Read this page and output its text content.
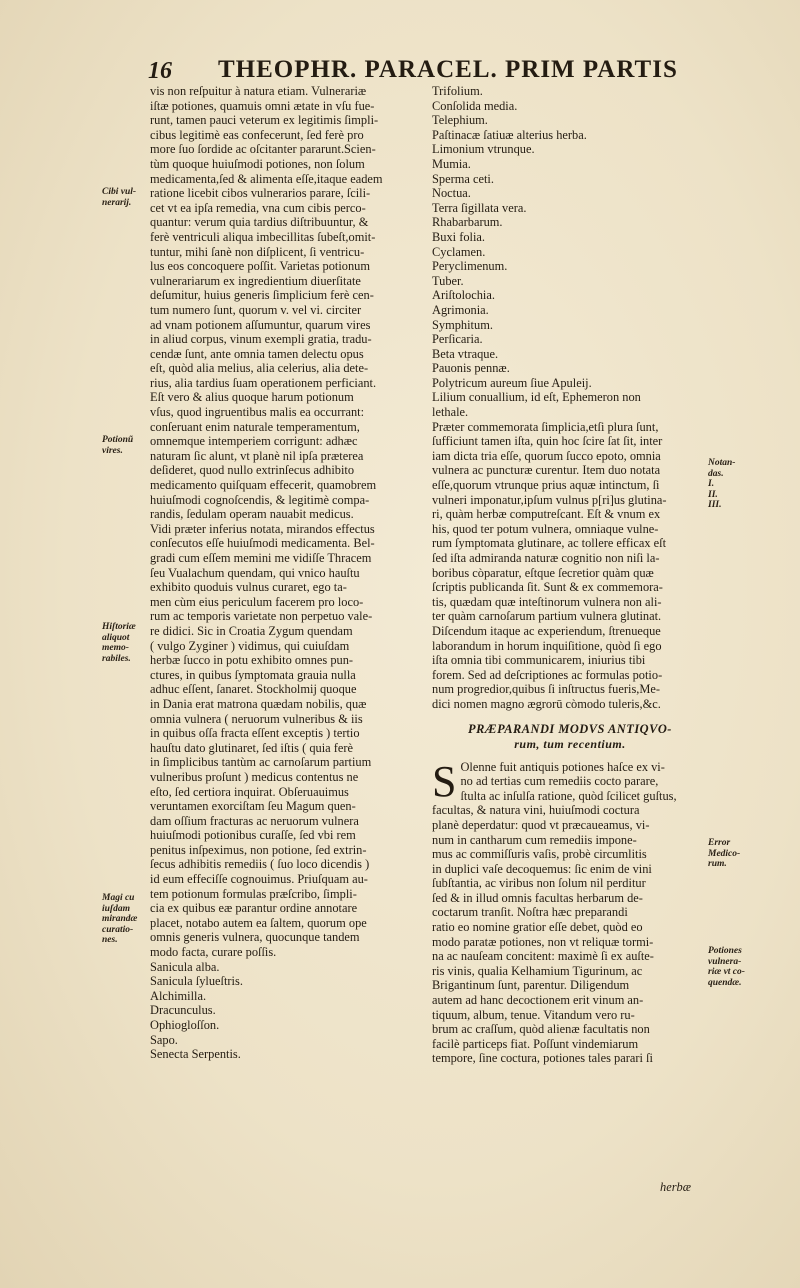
16 THEOPHR. PARACEL. PRIM PARTIS
vis non reſpuitur à natura etiam. Vulnerariæ
iſtæ potiones, quamuis omni ætate in vſu fue-
runt, tamen pauci veterum ex legitimis ſimpli-
cibus legitimè eas confecerunt, ſed ferè pro
more ſuo ſordide ac oſcitanter pararunt.Scien-
tùm quoque huiuſmodi potiones, non ſolum
medicamenta,ſed & alimenta eſſe,itaque eadem
ratione licebit cibos vulnerarios parare, ſcili-
cet vt ea ipſa remedia, vna cum cibis perco-
quantur: verum quia tardius diſtribuuntur, &
ferè ventriculi aliqua imbecillitas ſubeſt,omit-
tuntur, mihi ſanè non diſplicent, ſi ventricu-
lus eos concoquere poſſit. Varietas potionum
vulnerariarum ex ingredientium diuerſitate
deſumitur, huius generis ſimplicium ferè cen-
tum numero ſunt, quorum v. vel vi. circiter
ad vnam potionem aſſumuntur, quarum vires
in aliud corpus, vinum exempli gratia, tradu-
cendæ ſunt, ante omnia tamen delectu opus
eſt, quòd alia melius, alia celerius, alia dete-
rius, alia tardius ſuam operationem perficiant.
Eſt vero & alius quoque harum potionum
vſus, quod ingruentibus malis ea occurrant:
conſeruant enim naturale temperamentum,
omnemque intemperiem corrigunt: adhæc
naturam ſic alunt, vt planè nil ipſa præterea
deſideret, quod nullo extrinſecus adhibito
medicamento quiſquam effecerit, quamobrem
huiuſmodi cognoſcendis, & legitimè compa-
randis, ſedulam operam nauabit medicus.
Vidi præter inferius notata, mirandos effectus
conſecutos eſſe huiuſmodi medicamenta. Bel-
gradi cum eſſem memini me vidiſſe Thracem
ſeu Vualachum quendam, qui vnico hauſtu
exhibito quoduis vulnus curaret, ego ta-
men cùm eius periculum facerem pro loco-
rum ac temporis varietate non perpetuo vale-
re didici. Sic in Croatia Zygum quendam
( vulgo Zyginer ) vidimus, qui cuiuſdam
herbæ ſucco in potu exhibito omnes pun-
ctures, in quibus ſymptomata grauia nulla
adhuc eſſent, ſanaret. Stockholmij quoque
in Dania erat matrona quædam nobilis, quæ
omnia vulnera ( neruorum vulneribus & iis
in quibus oſſa fracta eſſent exceptis ) tertio
hauſtu dato glutinaret, ſed iſtis ( quia ferè
in ſimplicibus tantùm ac carnoſarum partium
vulneribus proſunt ) medicus contentus ne
eſto, ſed certiora inquirat. Obſeruauimus
veruntamen exorciſtam ſeu Magum quen-
dam oſſium fracturas ac neruorum vulnera
huiuſmodi potionibus curaſſe, ſed vbi rem
penitus inſpeximus, non potione, ſed extrin-
ſecus adhibitis remediis ( ſuo loco dicendis )
id eum effeciſſe cognouimus. Priuſquam au-
tem potionum formulas præſcribo, ſimpli-
cia ex quibus eæ parantur ordine annotare
placet, notabo autem ea ſaltem, quorum ope
omnis generis vulnera, quocunque tandem
modo facta, curare poſſis.
Sanicula alba.
Sanicula ſylueſtris.
Alchimilla.
Dracunculus.
Ophiogloſſon.
Sapo.
Senecta Serpentis.
Trifolium.
Conſolida media.
Telephium.
Paſtinacæ ſatiuæ alterius herba.
Limonium vtrunque.
Mumia.
Sperma ceti.
Noctua.
Terra ſigillata vera.
Rhabarbarum.
Buxi folia.
Cyclamen.
Peryclimenum.
Tuber.
Ariſtolochia.
Agrimonia.
Symphitum.
Perſicaria.
Beta vtraque.
Pauonis pennæ.
Polytricum aureum ſiue Apuleij.
Lilium conuallium, id eſt, Ephemeron non
lethale.
Præter commemorata ſimplicia,etſi plura ſunt,
ſufficiunt tamen iſta, quin hoc ſcire ſat ſit, inter
iam dicta tria eſſe, quorum ſucco epoto, omnia
vulnera ac puncturæ curentur. Item duo notata
eſſe,quorum vtrunque prius aquæ intinctum, ſi
vulneri imponatur,ipſum vulnus p[ri]us glutina-
ri, quàm herbæ computreſcant. Eſt & vnum ex
his, quod ter potum vulnera, omniaque vulne-
rum ſymptomata glutinare, ac tollere efficax eſt
ſed iſta admiranda naturæ cognitio non niſi la-
boribus còparatur, eſtque ſecretior quàm quæ
ſcriptis publicanda ſit. Sunt & ex commemora-
tis, quædam quæ inteſtinorum vulnera non ali-
ter quàm carnoſarum partium vulnera glutinat.
Diſcendum itaque ac experiendum, ſtrenueque
laborandum in horum inquiſitione, quòd ſi ego
iſta omnia tibi communicarem, iniurius tibi
forem. Sed ad deſcriptiones ac formulas potio-
num progredior,quibus ſi inſtructus fueris,Me-
dici nomen magno ægrorū còmodo tuleris,&c.
PRÆPARANDI MODVS ANTIQVO-
rum, tum recentium.
S Olenne fuit antiquis potiones haſce ex vi-
no ad tertias cum remediis cocto parare,
ſtulta ac inſulſa ratione, quòd ſcilicet guſtus,
facultas, & natura vini, huiuſmodi coctura
planè deperdatur: quod vt præcaueamus, vi-
num in cantharum cum remediis impone-
mus ac commiſſuris vaſis, probè circumlitis
in duplici vaſe decoquemus: ſic enim de vini
ſubſtantia, ac viribus non ſolum nil perditur
ſed & in illud omnis facultas herbarum de-
coctarum tranſit. Noſtra hæc preparandi
ratio eo nomine gratior eſſe debet, quòd eo
modo paratæ potiones, non vt reliquæ tormi-
na ac nauſeam concitent: maximè ſi ex auſte-
ris vinis, qualia Kelhamium Tigurinum, ac
Brigantinum ſunt, parentur. Diligendum
autem ad hanc decoctionem erit vinum an-
tiquum, album, tenue. Vitandum vero ru-
brum ac craſſum, quòd alienæ facultatis non
facilè particeps fiat. Poſſunt vindemiarum
tempore, ſine coctura, potiones tales parari ſi
Cibi vul-
nerarij.
Potionũ
vires.
Hiſtoriæ
aliquot
memo-
rabiles.
Magi cu
iuſdam
mirandæ
curatio-
nes.
Notan-
das.
I.
II.
III.
Error
Medico-
rum.
Potiones
vulnera-
riæ vt co-
quendæ.
herbæ
